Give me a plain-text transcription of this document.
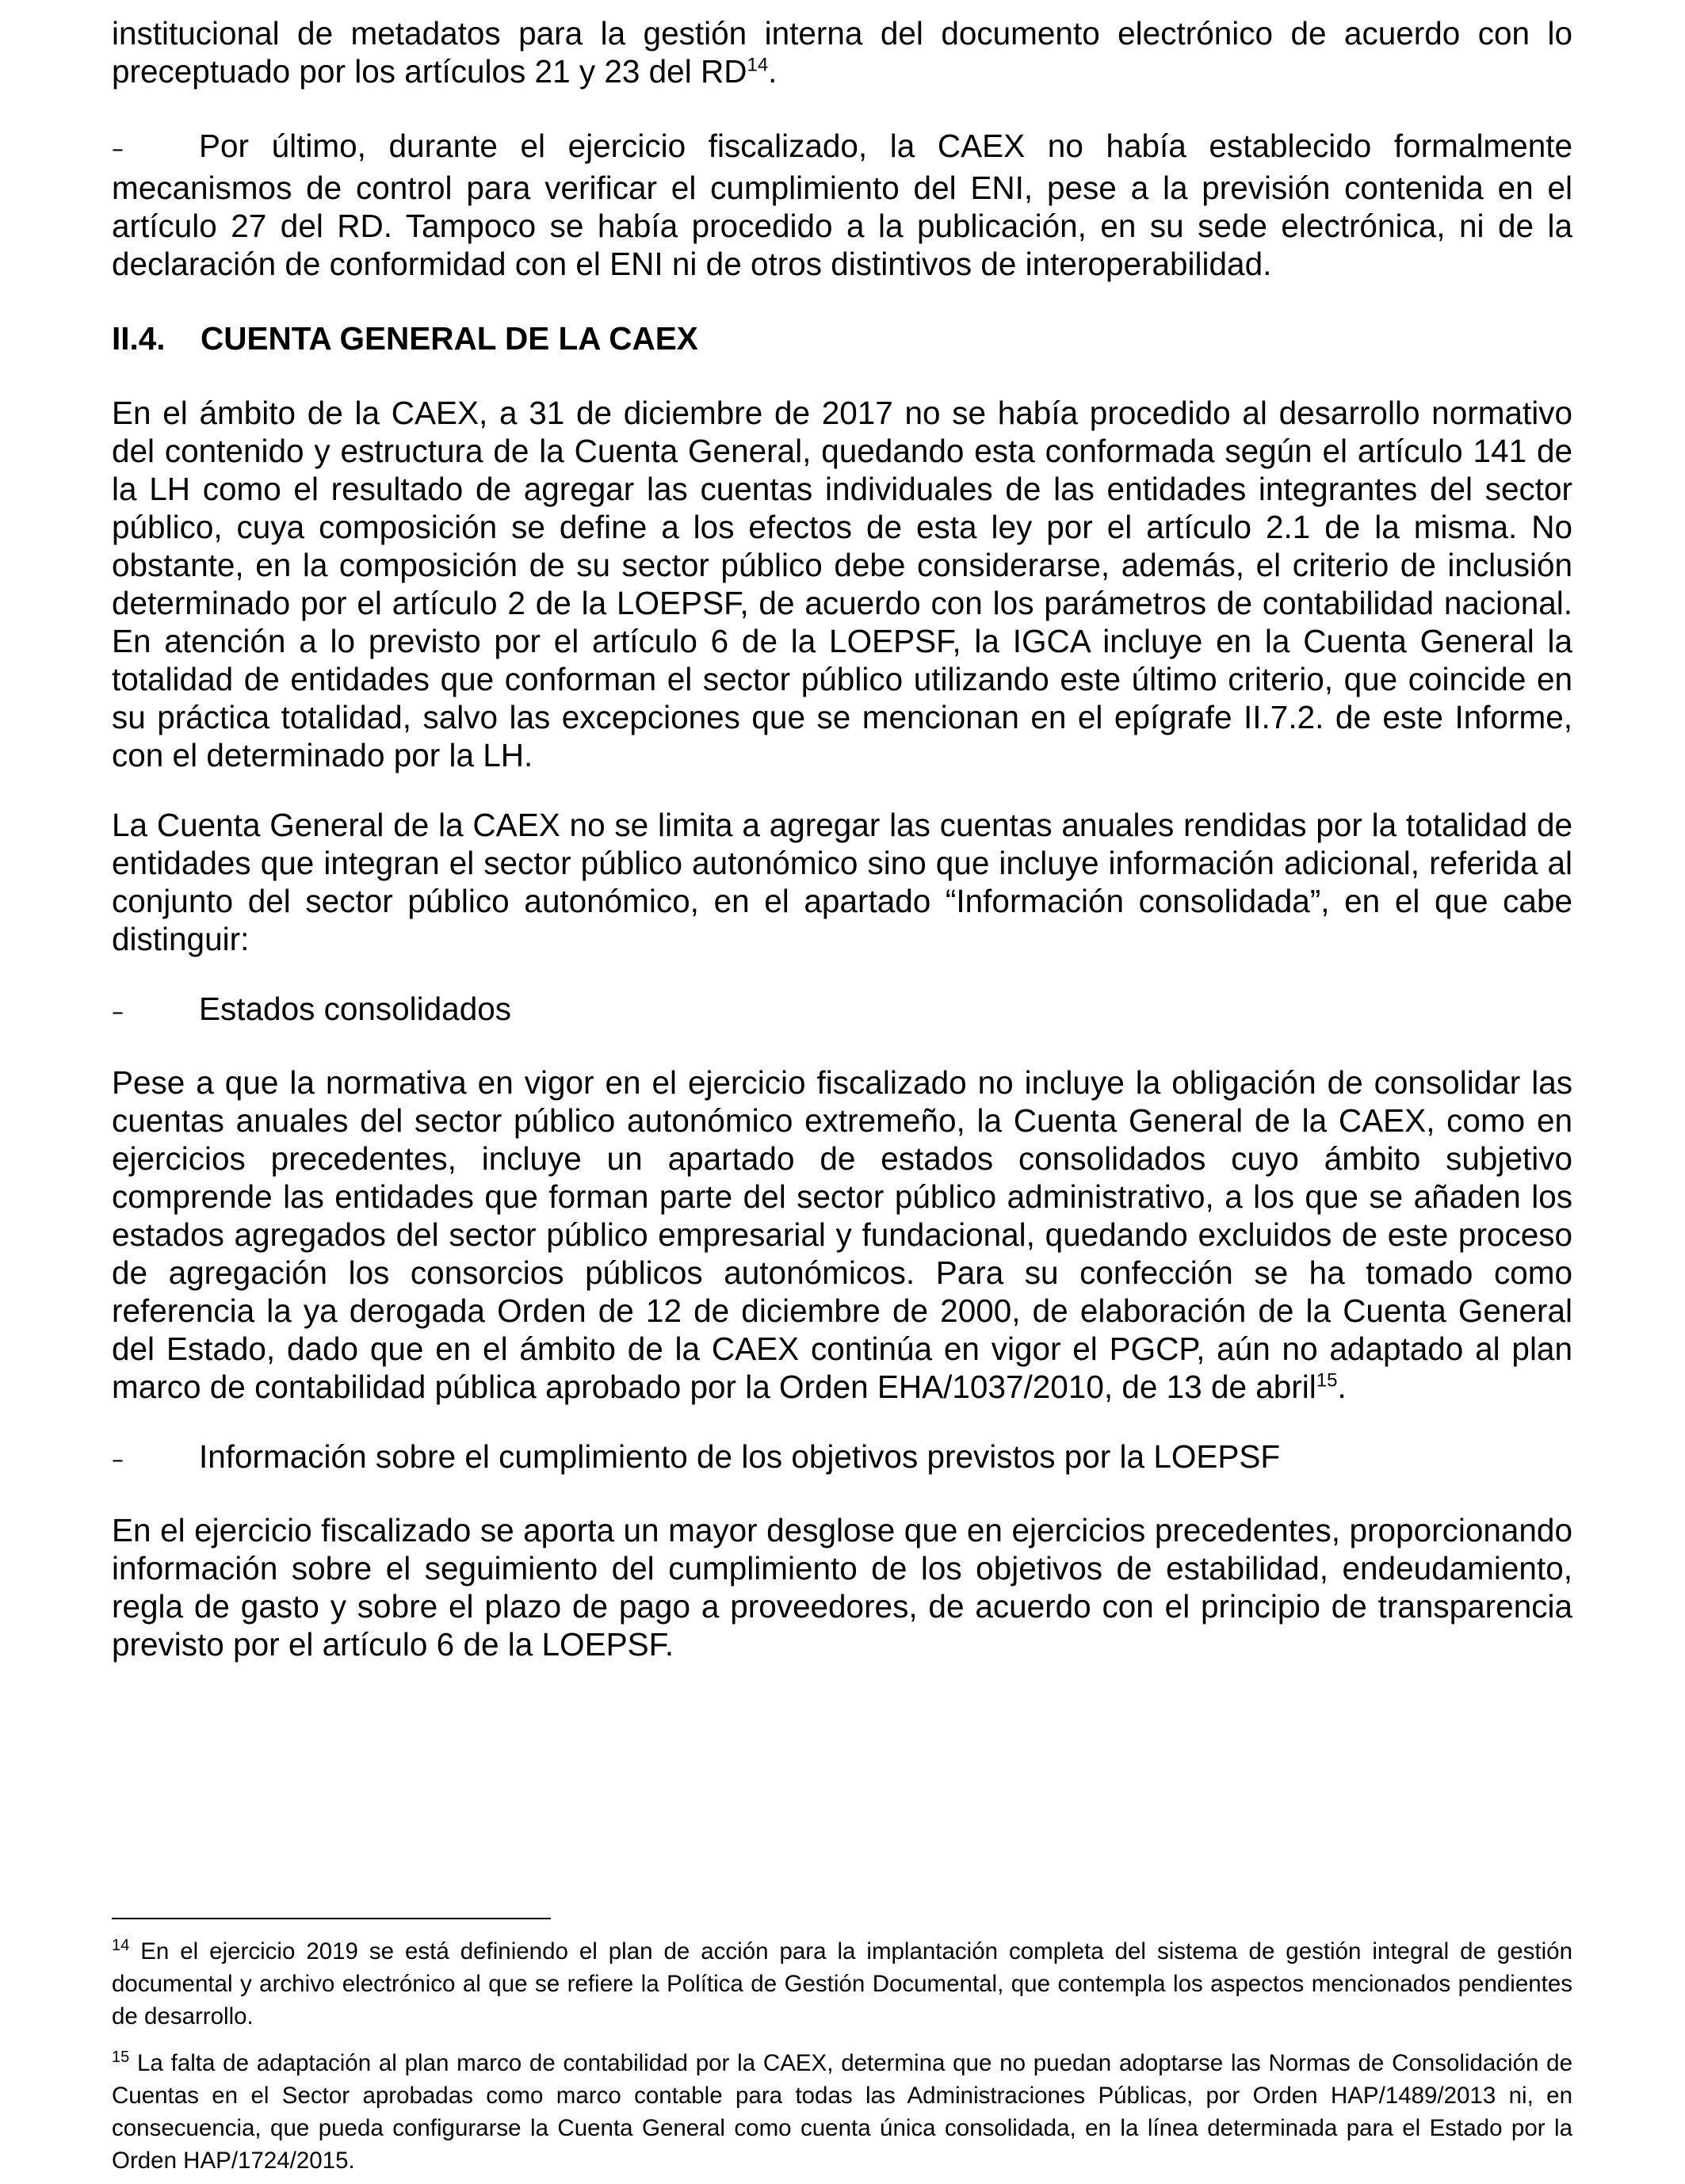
institucional de metadatos para la gestión interna del documento electrónico de acuerdo con lo preceptuado por los artículos 21 y 23 del RD$^{14}$.

– Por último, durante el ejercicio fiscalizado, la CAEX no había establecido formalmente mecanismos de control para verificar el cumplimiento del ENI, pese a la previsión contenida en el artículo 27 del RD. Tampoco se había procedido a la publicación, en su sede electrónica, ni de la declaración de conformidad con el ENI ni de otros distintivos de interoperabilidad.

II.4. CUENTA GENERAL DE LA CAEX

En el ámbito de la CAEX, a 31 de diciembre de 2017 no se había procedido al desarrollo normativo del contenido y estructura de la Cuenta General, quedando esta conformada según el artículo 141 de la LH como el resultado de agregar las cuentas individuales de las entidades integrantes del sector público, cuya composición se define a los efectos de esta ley por el artículo 2.1 de la misma. No obstante, en la composición de su sector público debe considerarse, además, el criterio de inclusión determinado por el artículo 2 de la LOEPSF, de acuerdo con los parámetros de contabilidad nacional. En atención a lo previsto por el artículo 6 de la LOEPSF, la IGCA incluye en la Cuenta General la totalidad de entidades que conforman el sector público utilizando este último criterio, que coincide en su práctica totalidad, salvo las excepciones que se mencionan en el epígrafe II.7.2. de este Informe, con el determinado por la LH.

La Cuenta General de la CAEX no se limita a agregar las cuentas anuales rendidas por la totalidad de entidades que integran el sector público autonómico sino que incluye información adicional, referida al conjunto del sector público autonómico, en el apartado “Información consolidada”, en el que cabe distinguir:

– Estados consolidados

Pese a que la normativa en vigor en el ejercicio fiscalizado no incluye la obligación de consolidar las cuentas anuales del sector público autonómico extremeño, la Cuenta General de la CAEX, como en ejercicios precedentes, incluye un apartado de estados consolidados cuyo ámbito subjetivo comprende las entidades que forman parte del sector público administrativo, a los que se añaden los estados agregados del sector público empresarial y fundacional, quedando excluidos de este proceso de agregación los consorcios públicos autonómicos. Para su confección se ha tomado como referencia la ya derogada Orden de 12 de diciembre de 2000, de elaboración de la Cuenta General del Estado, dado que en el ámbito de la CAEX continúa en vigor el PGCP, aún no adaptado al plan marco de contabilidad pública aprobado por la Orden EHA/1037/2010, de 13 de abril$^{15}$.

– Información sobre el cumplimiento de los objetivos previstos por la LOEPSF

En el ejercicio fiscalizado se aporta un mayor desglose que en ejercicios precedentes, proporcionando información sobre el seguimiento del cumplimiento de los objetivos de estabilidad, endeudamiento, regla de gasto y sobre el plazo de pago a proveedores, de acuerdo con el principio de transparencia previsto por el artículo 6 de la LOEPSF.

$^{14}$ En el ejercicio 2019 se está definiendo el plan de acción para la implantación completa del sistema de gestión integral de gestión documental y archivo electrónico al que se refiere la Política de Gestión Documental, que contempla los aspectos mencionados pendientes de desarrollo.

$^{15}$ La falta de adaptación al plan marco de contabilidad por la CAEX, determina que no puedan adoptarse las Normas de Consolidación de Cuentas en el Sector aprobadas como marco contable para todas las Administraciones Públicas, por Orden HAP/1489/2013 ni, en consecuencia, que pueda configurarse la Cuenta General como cuenta única consolidada, en la línea determinada para el Estado por la Orden HAP/1724/2015.
